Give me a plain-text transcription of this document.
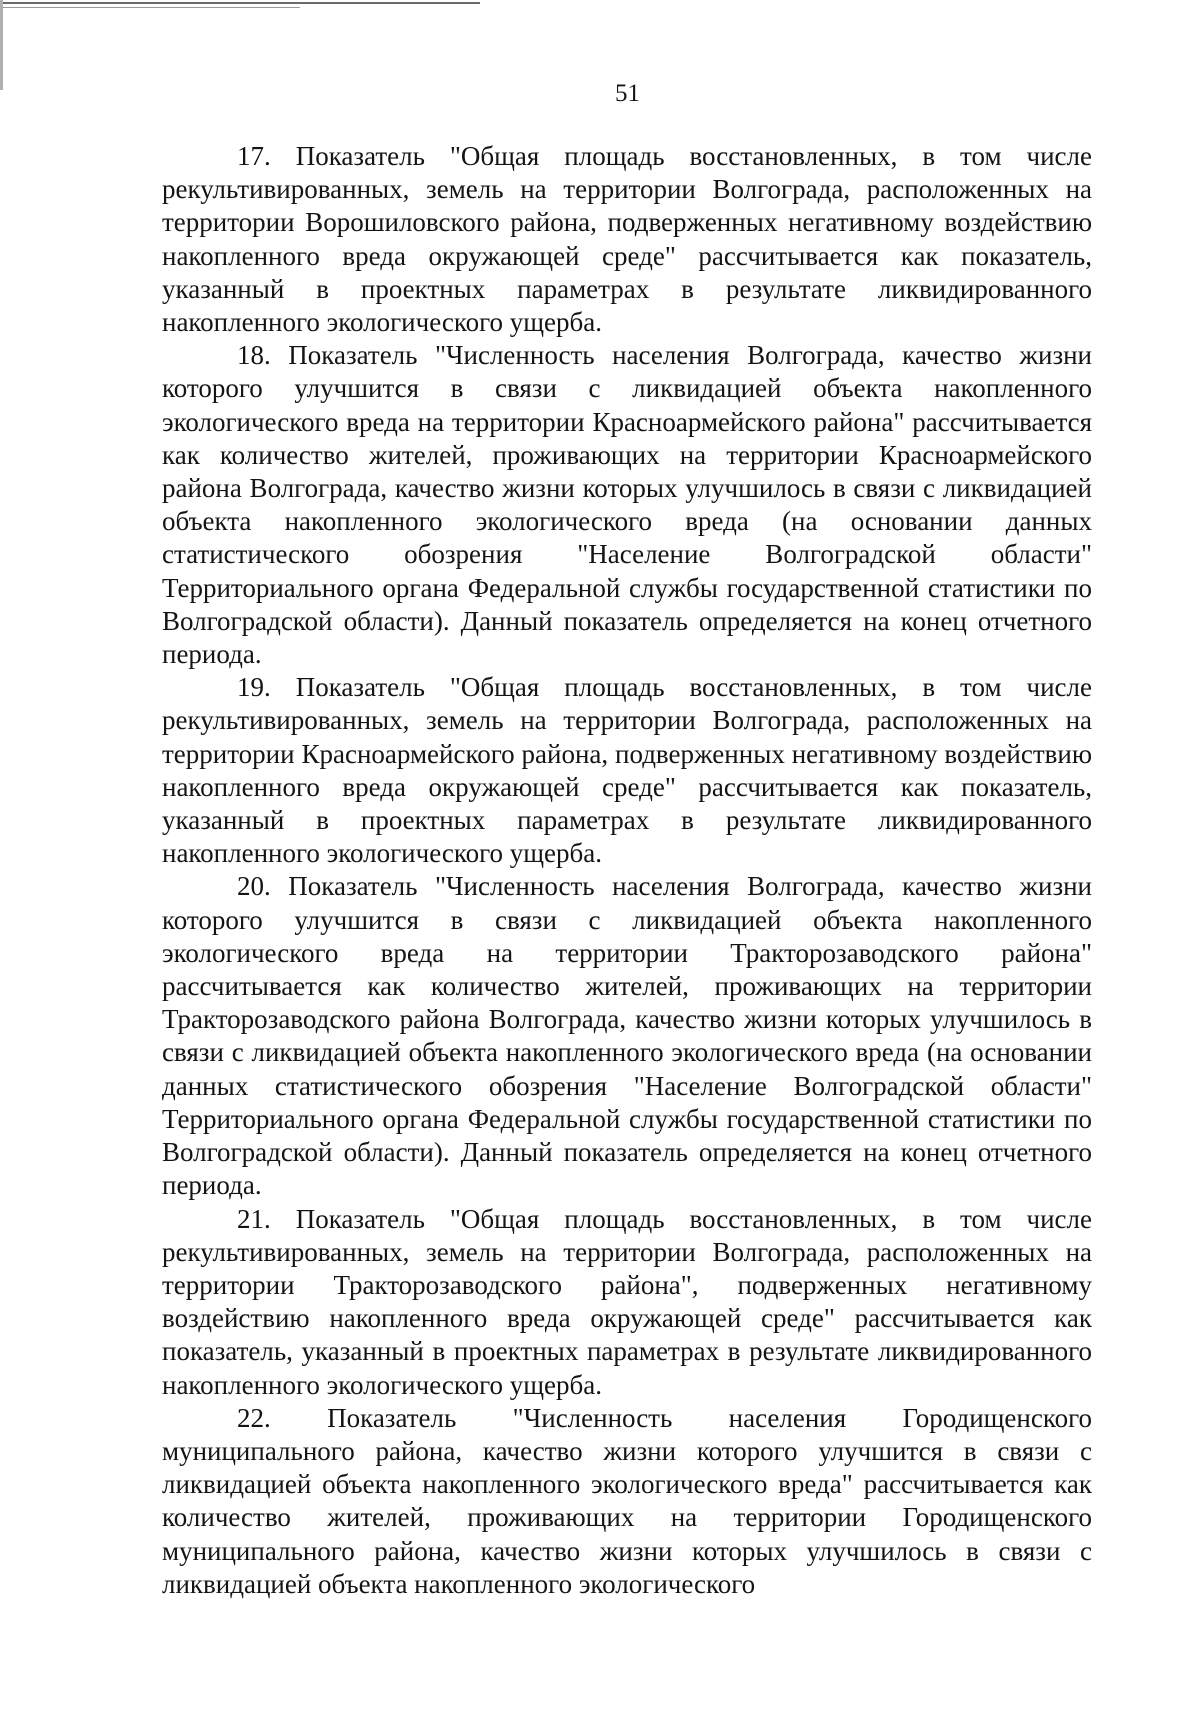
51

17. Показатель "Общая площадь восстановленных, в том числе рекультивированных, земель на территории Волгограда, расположенных на территории Ворошиловского района, подверженных негативному воздействию накопленного вреда окружающей среде" рассчитывается как показатель, указанный в проектных параметрах в результате ликвидированного накопленного экологического ущерба.

18. Показатель "Численность населения Волгограда, качество жизни которого улучшится в связи с ликвидацией объекта накопленного экологического вреда на территории Красноармейского района" рассчитывается как количество жителей, проживающих на территории Красноармейского района Волгограда, качество жизни которых улучшилось в связи с ликвидацией объекта накопленного экологического вреда (на основании данных статистического обозрения "Население Волгоградской области" Территориального органа Федеральной службы государственной статистики по Волгоградской области). Данный показатель определяется на конец отчетного периода.

19. Показатель "Общая площадь восстановленных, в том числе рекультивированных, земель на территории Волгограда, расположенных на территории Красноармейского района, подверженных негативному воздействию накопленного вреда окружающей среде" рассчитывается как показатель, указанный в проектных параметрах в результате ликвидированного накопленного экологического ущерба.

20. Показатель "Численность населения Волгограда, качество жизни которого улучшится в связи с ликвидацией объекта накопленного экологического вреда на территории Тракторозаводского района" рассчитывается как количество жителей, проживающих на территории Тракторозаводского района Волгограда, качество жизни которых улучшилось в связи с ликвидацией объекта накопленного экологического вреда (на основании данных статистического обозрения "Население Волгоградской области" Территориального органа Федеральной службы государственной статистики по Волгоградской области). Данный показатель определяется на конец отчетного периода.

21. Показатель "Общая площадь восстановленных, в том числе рекультивированных, земель на территории Волгограда, расположенных на территории Тракторозаводского района", подверженных негативному воздействию накопленного вреда окружающей среде" рассчитывается как показатель, указанный в проектных параметрах в результате ликвидированного накопленного экологического ущерба.

22. Показатель "Численность населения Городищенского муниципального района, качество жизни которого улучшится в связи с ликвидацией объекта накопленного экологического вреда" рассчитывается как количество жителей, проживающих на территории Городищенского муниципального района, качество жизни которых улучшилось в связи с ликвидацией объекта накопленного экологического
